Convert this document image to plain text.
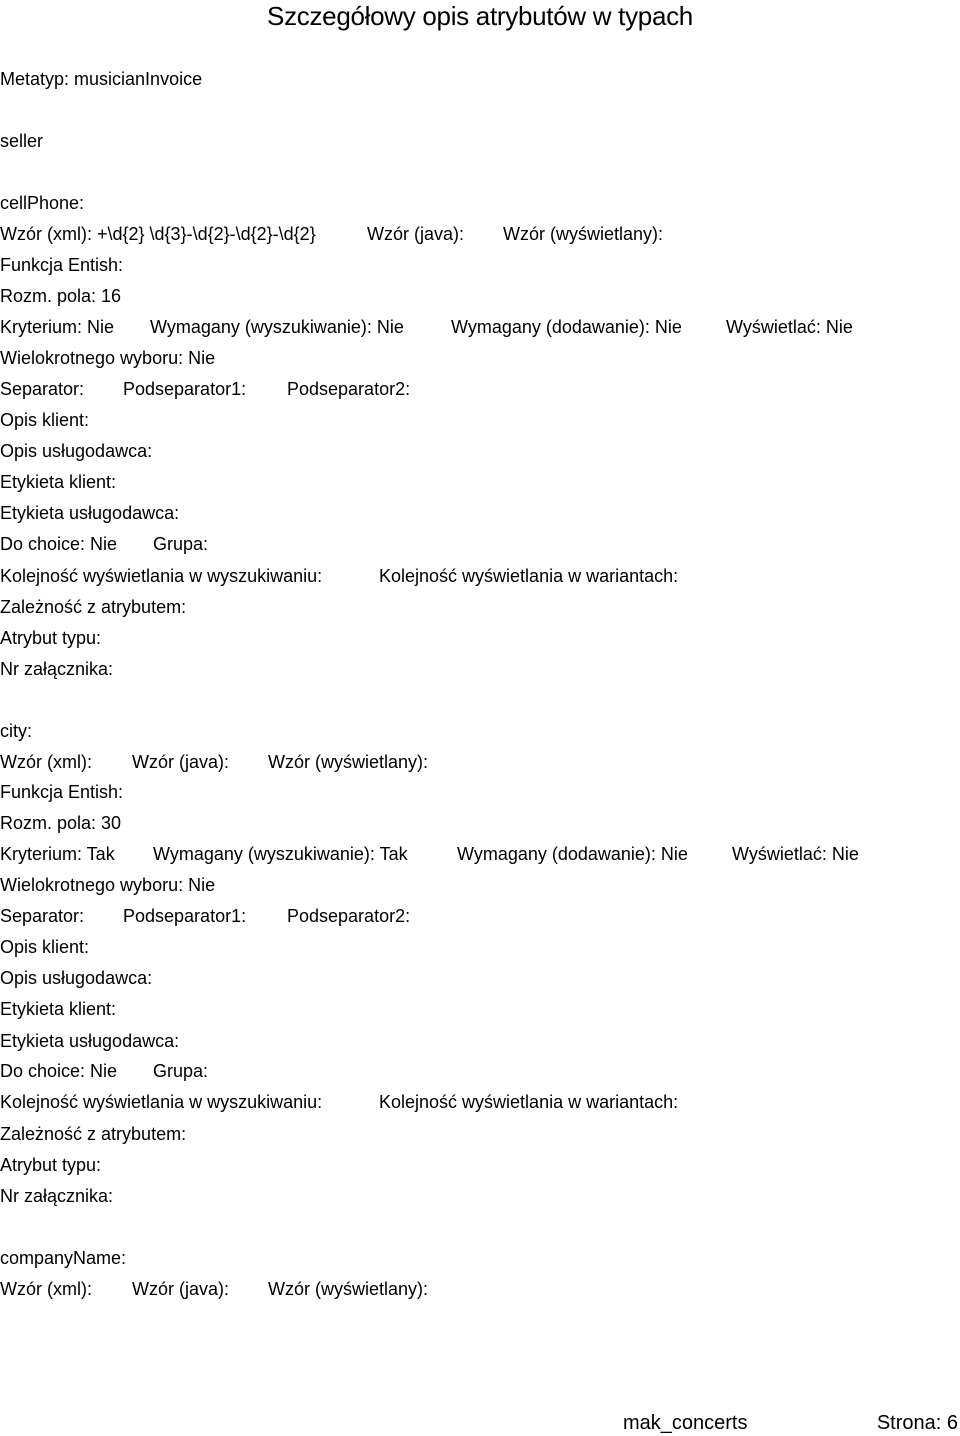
Szczegółowy opis atrybutów w typach
Metatyp: musicianInvoice
seller
cellPhone:
Wzór (xml): +\d{2} \d{3}-\d{2}-\d{2}-\d{2}	Wzór (java): Wzór (wyświetlany):
Funkcja Entish:
Rozm. pola: 16
Kryterium: Nie Wymagany (wyszukiwanie): Nie	Wymagany (dodawanie): Nie Wyświetlać: Nie
Wielokrotnego wyboru: Nie
Separator: Podseparator1: Podseparator2:
Opis klient:
Opis usługodawca:
Etykieta klient:
Etykieta usługodawca:
Do choice: Nie Grupa:
Kolejność wyświetlania w wyszukiwaniu:	Kolejność wyświetlania w wariantach:
Zależność z atrybutem:
Atrybut typu:
Nr załącznika:
city:
Wzór (xml): Wzór (java): Wzór (wyświetlany):
Funkcja Entish:
Rozm. pola: 30
Kryterium: Tak Wymagany (wyszukiwanie): Tak	Wymagany (dodawanie): Nie Wyświetlać: Nie
Wielokrotnego wyboru: Nie
Separator: Podseparator1: Podseparator2:
Opis klient:
Opis usługodawca:
Etykieta klient:
Etykieta usługodawca:
Do choice: Nie Grupa:
Kolejność wyświetlania w wyszukiwaniu:	Kolejność wyświetlania w wariantach:
Zależność z atrybutem:
Atrybut typu:
Nr załącznika:
companyName:
Wzór (xml): Wzór (java): Wzór (wyświetlany):
mak_concerts	Strona: 6
